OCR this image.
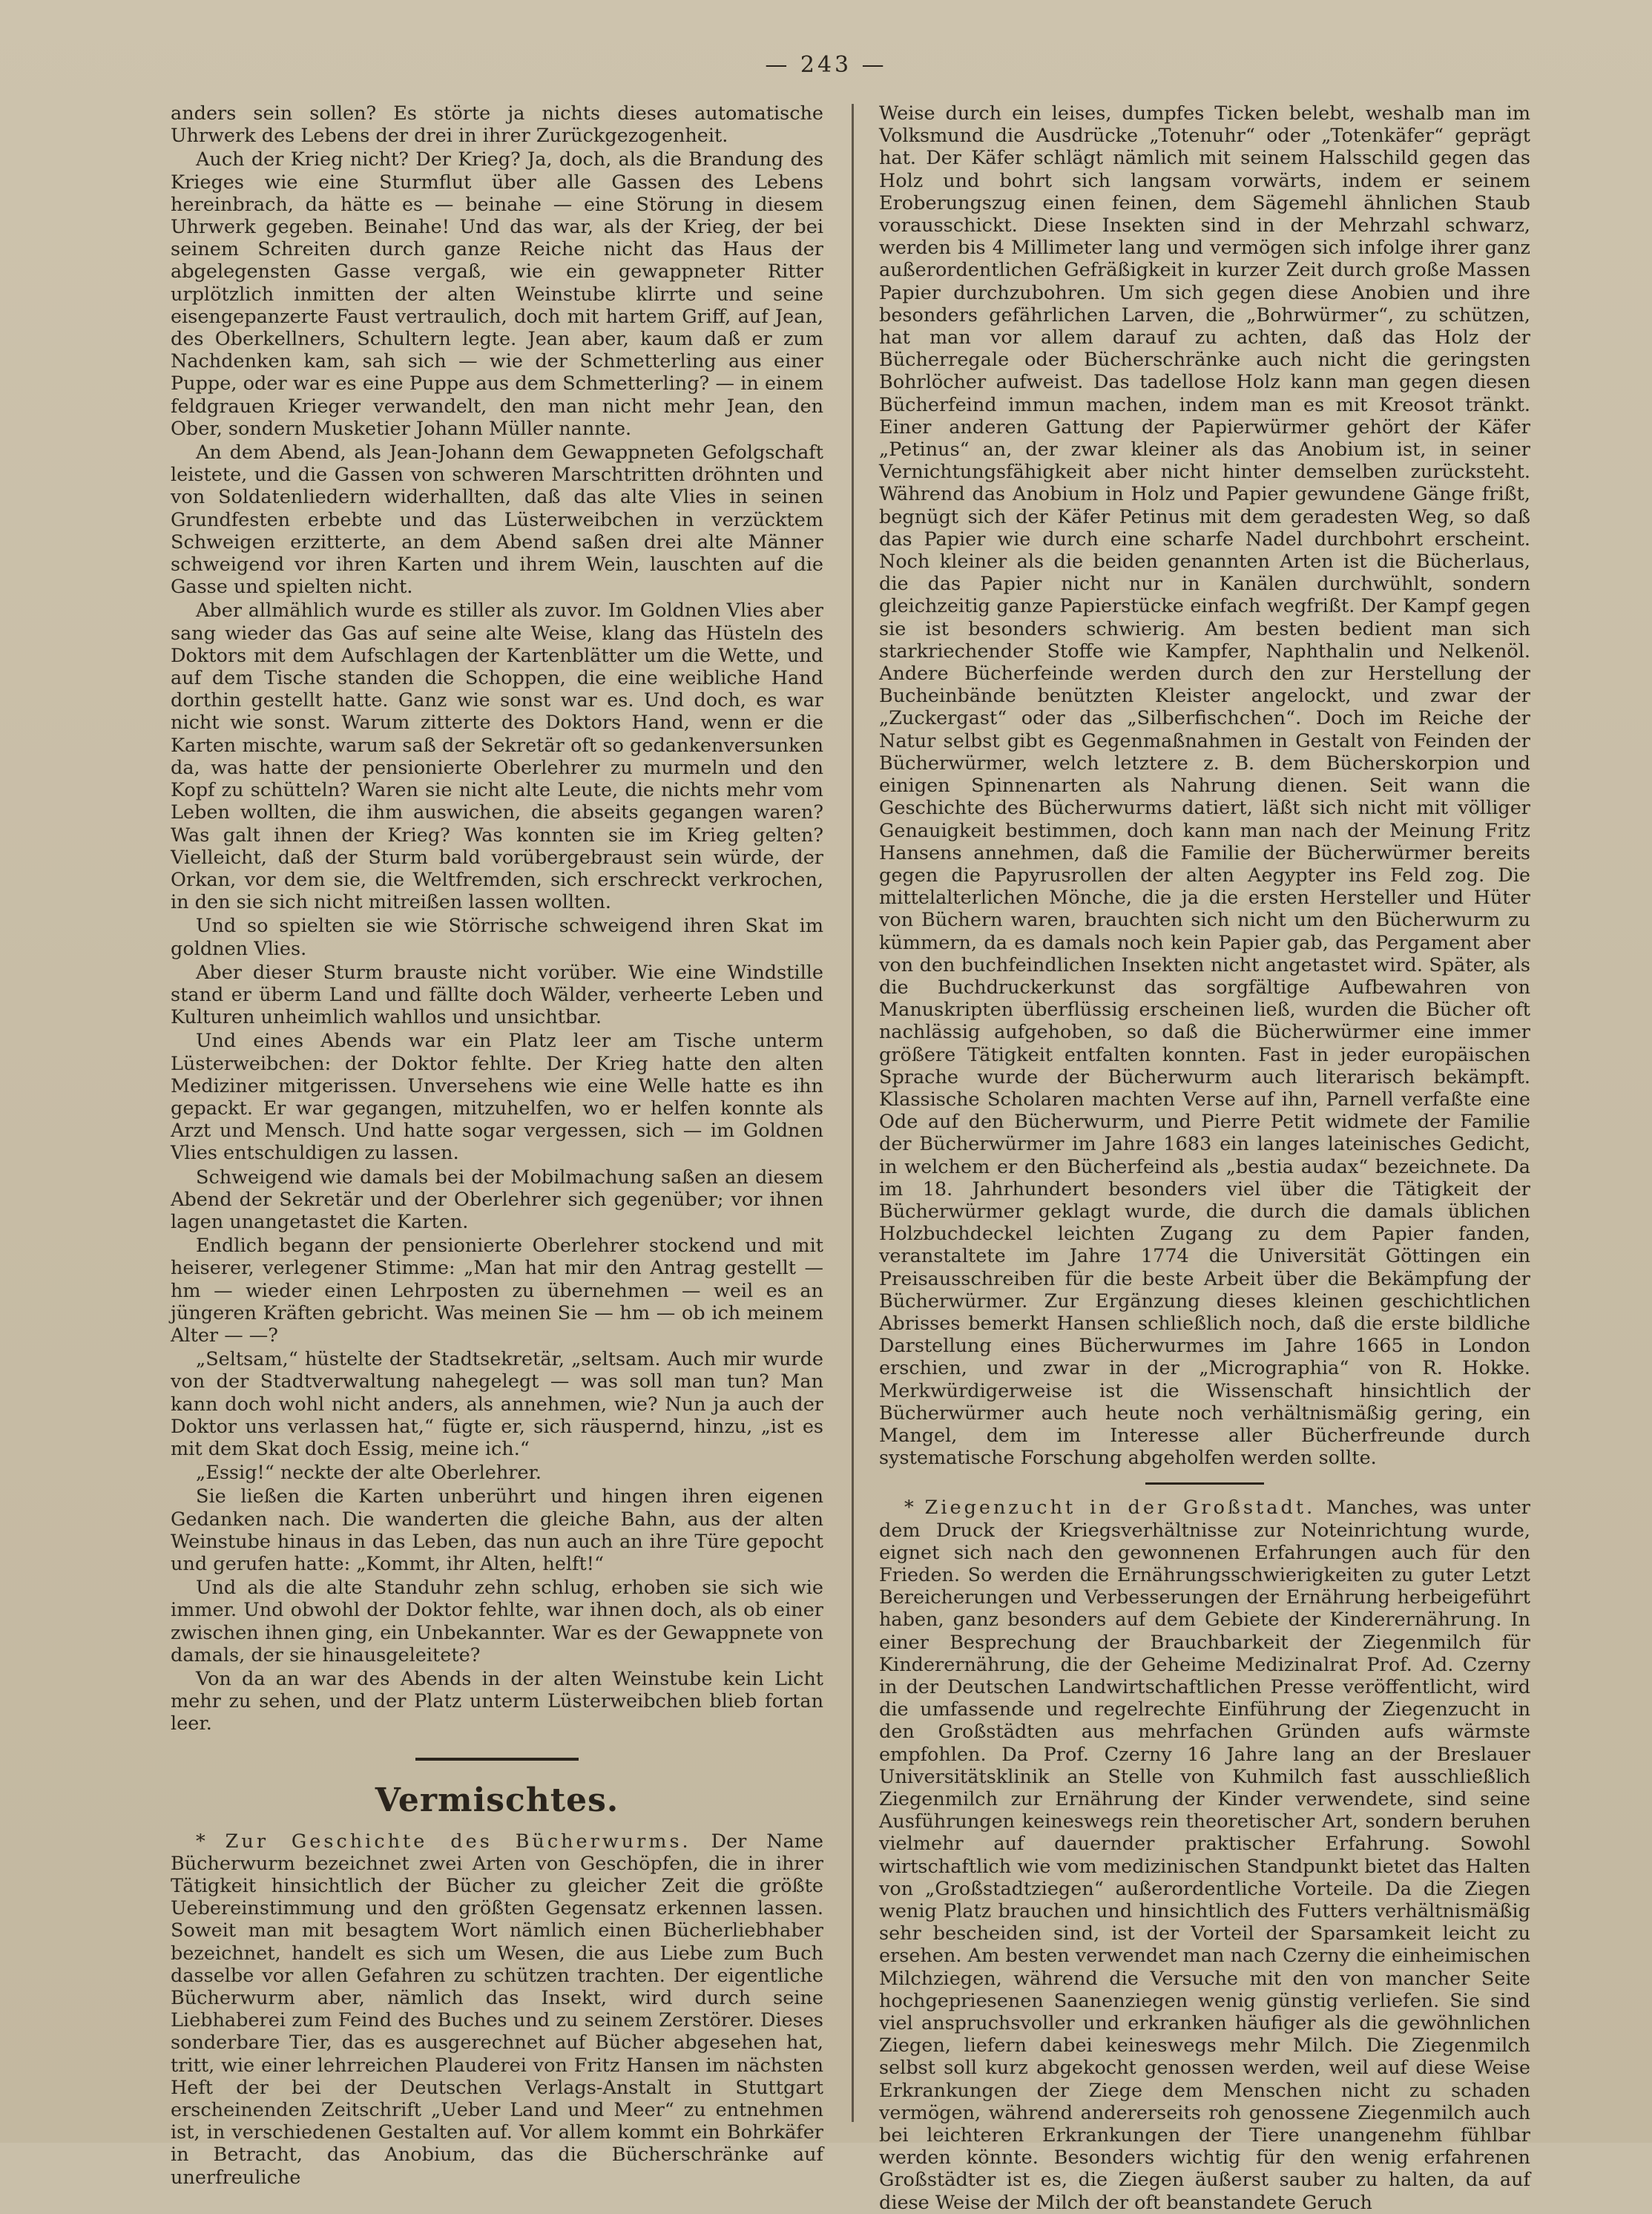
— 243 —

anders sein sollen? Es störte ja nichts dieses automatische Uhrwerk des Lebens der drei in ihrer Zurückgezogenheit.

Auch der Krieg nicht? Der Krieg? Ja, doch, als die Brandung des Krieges wie eine Sturmflut über alle Gassen des Lebens hereinbrach, da hätte es — beinahe — eine Störung in diesem Uhrwerk gegeben. Beinahe! Und das war, als der Krieg, der bei seinem Schreiten durch ganze Reiche nicht das Haus der abgelegensten Gasse vergaß, wie ein gewappneter Ritter urplötzlich inmitten der alten Weinstube klirrte und seine eisengepanzerte Faust vertraulich, doch mit hartem Griff, auf Jean, des Oberkellners, Schultern legte. Jean aber, kaum daß er zum Nachdenken kam, sah sich — wie der Schmetterling aus einer Puppe, oder war es eine Puppe aus dem Schmetterling? — in einem feldgrauen Krieger verwandelt, den man nicht mehr Jean, den Ober, sondern Musketier Johann Müller nannte.

An dem Abend, als Jean-Johann dem Gewappneten Gefolgschaft leistete, und die Gassen von schweren Marschtritten dröhnten und von Soldatenliedern widerhallten, daß das alte Vlies in seinen Grundfesten erbebte und das Lüsterweibchen in verzücktem Schweigen erzitterte, an dem Abend saßen drei alte Männer schweigend vor ihren Karten und ihrem Wein, lauschten auf die Gasse und spielten nicht.

Aber allmählich wurde es stiller als zuvor. Im Goldnen Vlies aber sang wieder das Gas auf seine alte Weise, klang das Hüsteln des Doktors mit dem Aufschlagen der Kartenblätter um die Wette, und auf dem Tische standen die Schoppen, die eine weibliche Hand dorthin gestellt hatte. Ganz wie sonst war es. Und doch, es war nicht wie sonst. Warum zitterte des Doktors Hand, wenn er die Karten mischte, warum saß der Sekretär oft so gedankenversunken da, was hatte der pensionierte Oberlehrer zu murmeln und den Kopf zu schütteln? Waren sie nicht alte Leute, die nichts mehr vom Leben wollten, die ihm auswichen, die abseits gegangen waren? Was galt ihnen der Krieg? Was konnten sie im Krieg gelten? Vielleicht, daß der Sturm bald vorübergebraust sein würde, der Orkan, vor dem sie, die Weltfremden, sich erschreckt verkrochen, in den sie sich nicht mitreißen lassen wollten.

Und so spielten sie wie Störrische schweigend ihren Skat im goldnen Vlies.

Aber dieser Sturm brauste nicht vorüber. Wie eine Windstille stand er überm Land und fällte doch Wälder, verheerte Leben und Kulturen unheimlich wahllos und unsichtbar.

Und eines Abends war ein Platz leer am Tische unterm Lüsterweibchen: der Doktor fehlte. Der Krieg hatte den alten Mediziner mitgerissen. Unversehens wie eine Welle hatte es ihn gepackt. Er war gegangen, mitzuhelfen, wo er helfen konnte als Arzt und Mensch. Und hatte sogar vergessen, sich — im Goldnen Vlies entschuldigen zu lassen.

Schweigend wie damals bei der Mobilmachung saßen an diesem Abend der Sekretär und der Oberlehrer sich gegenüber; vor ihnen lagen unangetastet die Karten.

Endlich begann der pensionierte Oberlehrer stockend und mit heiserer, verlegener Stimme: „Man hat mir den Antrag gestellt — hm — wieder einen Lehrposten zu übernehmen — weil es an jüngeren Kräften gebricht. Was meinen Sie — hm — ob ich meinem Alter — —?

„Seltsam,“ hüstelte der Stadtsekretär, „seltsam. Auch mir wurde von der Stadtverwaltung nahegelegt — was soll man tun? Man kann doch wohl nicht anders, als annehmen, wie? Nun ja auch der Doktor uns verlassen hat,“ fügte er, sich räuspernd, hinzu, „ist es mit dem Skat doch Essig, meine ich.“

„Essig!“ neckte der alte Oberlehrer.

Sie ließen die Karten unberührt und hingen ihren eigenen Gedanken nach. Die wanderten die gleiche Bahn, aus der alten Weinstube hinaus in das Leben, das nun auch an ihre Türe gepocht und gerufen hatte: „Kommt, ihr Alten, helft!“

Und als die alte Standuhr zehn schlug, erhoben sie sich wie immer. Und obwohl der Doktor fehlte, war ihnen doch, als ob einer zwischen ihnen ging, ein Unbekannter. War es der Gewappnete von damals, der sie hinausgeleitete?

Von da an war des Abends in der alten Weinstube kein Licht mehr zu sehen, und der Platz unterm Lüsterweibchen blieb fortan leer.

Vermischtes.

* Zur Geschichte des Bücherwurms. Der Name Bücherwurm bezeichnet zwei Arten von Geschöpfen, die in ihrer Tätigkeit hinsichtlich der Bücher zu gleicher Zeit die größte Uebereinstimmung und den größten Gegensatz erkennen lassen. Soweit man mit besagtem Wort nämlich einen Bücherliebhaber bezeichnet, handelt es sich um Wesen, die aus Liebe zum Buch dasselbe vor allen Gefahren zu schützen trachten. Der eigentliche Bücherwurm aber, nämlich das Insekt, wird durch seine Liebhaberei zum Feind des Buches und zu seinem Zerstörer. Dieses sonderbare Tier, das es ausgerechnet auf Bücher abgesehen hat, tritt, wie einer lehrreichen Plauderei von Fritz Hansen im nächsten Heft der bei der Deutschen Verlags-Anstalt in Stuttgart erscheinenden Zeitschrift „Ueber Land und Meer“ zu entnehmen ist, in verschiedenen Gestalten auf. Vor allem kommt ein Bohrkäfer in Betracht, das Anobium, das die Bücherschränke auf unerfreuliche

Weise durch ein leises, dumpfes Ticken belebt, weshalb man im Volksmund die Ausdrücke „Totenuhr“ oder „Totenkäfer“ geprägt hat. Der Käfer schlägt nämlich mit seinem Halsschild gegen das Holz und bohrt sich langsam vorwärts, indem er seinem Eroberungszug einen feinen, dem Sägemehl ähnlichen Staub vorausschickt. Diese Insekten sind in der Mehrzahl schwarz, werden bis 4 Millimeter lang und vermögen sich infolge ihrer ganz außerordentlichen Gefräßigkeit in kurzer Zeit durch große Massen Papier durchzubohren. Um sich gegen diese Anobien und ihre besonders gefährlichen Larven, die „Bohrwürmer“, zu schützen, hat man vor allem darauf zu achten, daß das Holz der Bücherregale oder Bücherschränke auch nicht die geringsten Bohrlöcher aufweist. Das tadellose Holz kann man gegen diesen Bücherfeind immun machen, indem man es mit Kreosot tränkt. Einer anderen Gattung der Papierwürmer gehört der Käfer „Petinus“ an, der zwar kleiner als das Anobium ist, in seiner Vernichtungsfähigkeit aber nicht hinter demselben zurücksteht. Während das Anobium in Holz und Papier gewundene Gänge frißt, begnügt sich der Käfer Petinus mit dem geradesten Weg, so daß das Papier wie durch eine scharfe Nadel durchbohrt erscheint. Noch kleiner als die beiden genannten Arten ist die Bücherlaus, die das Papier nicht nur in Kanälen durchwühlt, sondern gleichzeitig ganze Papierstücke einfach wegfrißt. Der Kampf gegen sie ist besonders schwierig. Am besten bedient man sich starkriechender Stoffe wie Kampfer, Naphthalin und Nelkenöl. Andere Bücherfeinde werden durch den zur Herstellung der Bucheinbände benützten Kleister angelockt, und zwar der „Zuckergast“ oder das „Silberfischchen“. Doch im Reiche der Natur selbst gibt es Gegenmaßnahmen in Gestalt von Feinden der Bücherwürmer, welch letztere z. B. dem Bücherskorpion und einigen Spinnenarten als Nahrung dienen. Seit wann die Geschichte des Bücherwurms datiert, läßt sich nicht mit völliger Genauigkeit bestimmen, doch kann man nach der Meinung Fritz Hansens annehmen, daß die Familie der Bücherwürmer bereits gegen die Papyrusrollen der alten Aegypter ins Feld zog. Die mittelalterlichen Mönche, die ja die ersten Hersteller und Hüter von Büchern waren, brauchten sich nicht um den Bücherwurm zu kümmern, da es damals noch kein Papier gab, das Pergament aber von den buchfeindlichen Insekten nicht angetastet wird. Später, als die Buchdruckerkunst das sorgfältige Aufbewahren von Manuskripten überflüssig erscheinen ließ, wurden die Bücher oft nachlässig aufgehoben, so daß die Bücherwürmer eine immer größere Tätigkeit entfalten konnten. Fast in jeder europäischen Sprache wurde der Bücherwurm auch literarisch bekämpft. Klassische Scholaren machten Verse auf ihn, Parnell verfaßte eine Ode auf den Bücherwurm, und Pierre Petit widmete der Familie der Bücherwürmer im Jahre 1683 ein langes lateinisches Gedicht, in welchem er den Bücherfeind als „bestia audax“ bezeichnete. Da im 18. Jahrhundert besonders viel über die Tätigkeit der Bücherwürmer geklagt wurde, die durch die damals üblichen Holzbuchdeckel leichten Zugang zu dem Papier fanden, veranstaltete im Jahre 1774 die Universität Göttingen ein Preisausschreiben für die beste Arbeit über die Bekämpfung der Bücherwürmer. Zur Ergänzung dieses kleinen geschichtlichen Abrisses bemerkt Hansen schließlich noch, daß die erste bildliche Darstellung eines Bücherwurmes im Jahre 1665 in London erschien, und zwar in der „Micrographia“ von R. Hokke. Merkwürdigerweise ist die Wissenschaft hinsichtlich der Bücherwürmer auch heute noch verhältnismäßig gering, ein Mangel, dem im Interesse aller Bücherfreunde durch systematische Forschung abgeholfen werden sollte.

* Ziegenzucht in der Großstadt. Manches, was unter dem Druck der Kriegsverhältnisse zur Noteinrichtung wurde, eignet sich nach den gewonnenen Erfahrungen auch für den Frieden. So werden die Ernährungsschwierigkeiten zu guter Letzt Bereicherungen und Verbesserungen der Ernährung herbeigeführt haben, ganz besonders auf dem Gebiete der Kinderernährung. In einer Besprechung der Brauchbarkeit der Ziegenmilch für Kinderernährung, die der Geheime Medizinalrat Prof. Ad. Czerny in der Deutschen Landwirtschaftlichen Presse veröffentlicht, wird die umfassende und regelrechte Einführung der Ziegenzucht in den Großstädten aus mehrfachen Gründen aufs wärmste empfohlen. Da Prof. Czerny 16 Jahre lang an der Breslauer Universitätsklinik an Stelle von Kuhmilch fast ausschließlich Ziegenmilch zur Ernährung der Kinder verwendete, sind seine Ausführungen keineswegs rein theoretischer Art, sondern beruhen vielmehr auf dauernder praktischer Erfahrung. Sowohl wirtschaftlich wie vom medizinischen Standpunkt bietet das Halten von „Großstadtziegen“ außerordentliche Vorteile. Da die Ziegen wenig Platz brauchen und hinsichtlich des Futters verhältnismäßig sehr bescheiden sind, ist der Vorteil der Sparsamkeit leicht zu ersehen. Am besten verwendet man nach Czerny die einheimischen Milchziegen, während die Versuche mit den von mancher Seite hochgepriesenen Saanenziegen wenig günstig verliefen. Sie sind viel anspruchsvoller und erkranken häufiger als die gewöhnlichen Ziegen, liefern dabei keineswegs mehr Milch. Die Ziegenmilch selbst soll kurz abgekocht genossen werden, weil auf diese Weise Erkrankungen der Ziege dem Menschen nicht zu schaden vermögen, während andererseits roh genossene Ziegenmilch auch bei leichteren Erkrankungen der Tiere unangenehm fühlbar werden könnte. Besonders wichtig für den wenig erfahrenen Großstädter ist es, die Ziegen äußerst sauber zu halten, da auf diese Weise der Milch der oft beanstandete Geruch
